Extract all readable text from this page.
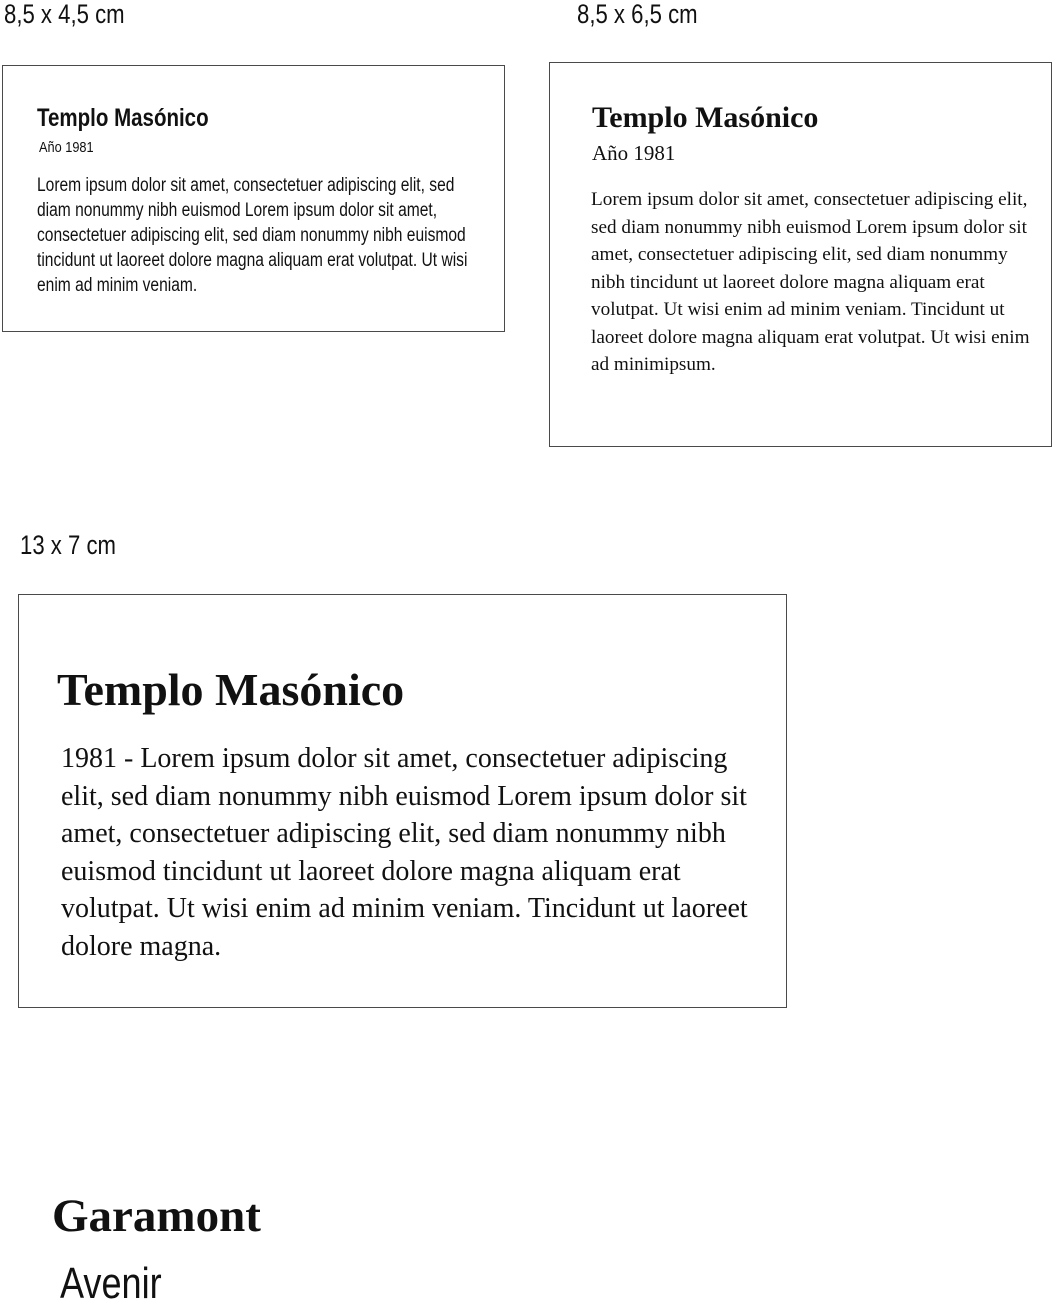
8,5 x 4,5 cm
Templo Masónico
Año 1981
Lorem ipsum dolor sit amet, consectetuer adipiscing elit, sed diam nonummy nibh euismod Lorem ipsum dolor sit amet, consectetuer adipiscing elit, sed diam nonummy nibh euismod tincidunt ut laoreet dolore magna aliquam erat volutpat. Ut wisi enim ad minim veniam.
8,5 x 6,5 cm
Templo Masónico
Año 1981
Lorem ipsum dolor sit amet, consectetuer adipiscing elit, sed diam nonummy nibh euismod Lorem ipsum dolor sit amet, consectetuer adipiscing elit, sed diam nonummy nibh tincidunt ut laoreet dolore magna aliquam erat volutpat. Ut wisi enim ad minim veniam. Tincidunt ut laoreet dolore magna aliquam erat volutpat. Ut wisi enim ad minimipsum.
13 x 7 cm
Templo Masónico
1981 - Lorem ipsum dolor sit amet, consectetuer adipiscing elit, sed diam nonummy nibh euismod Lorem ipsum dolor sit amet, consectetuer adipiscing elit, sed diam nonummy nibh euismod tincidunt ut laoreet dolore magna aliquam erat volutpat. Ut wisi enim ad minim veniam. Tincidunt ut laoreet dolore magna.
Garamont
Avenir
